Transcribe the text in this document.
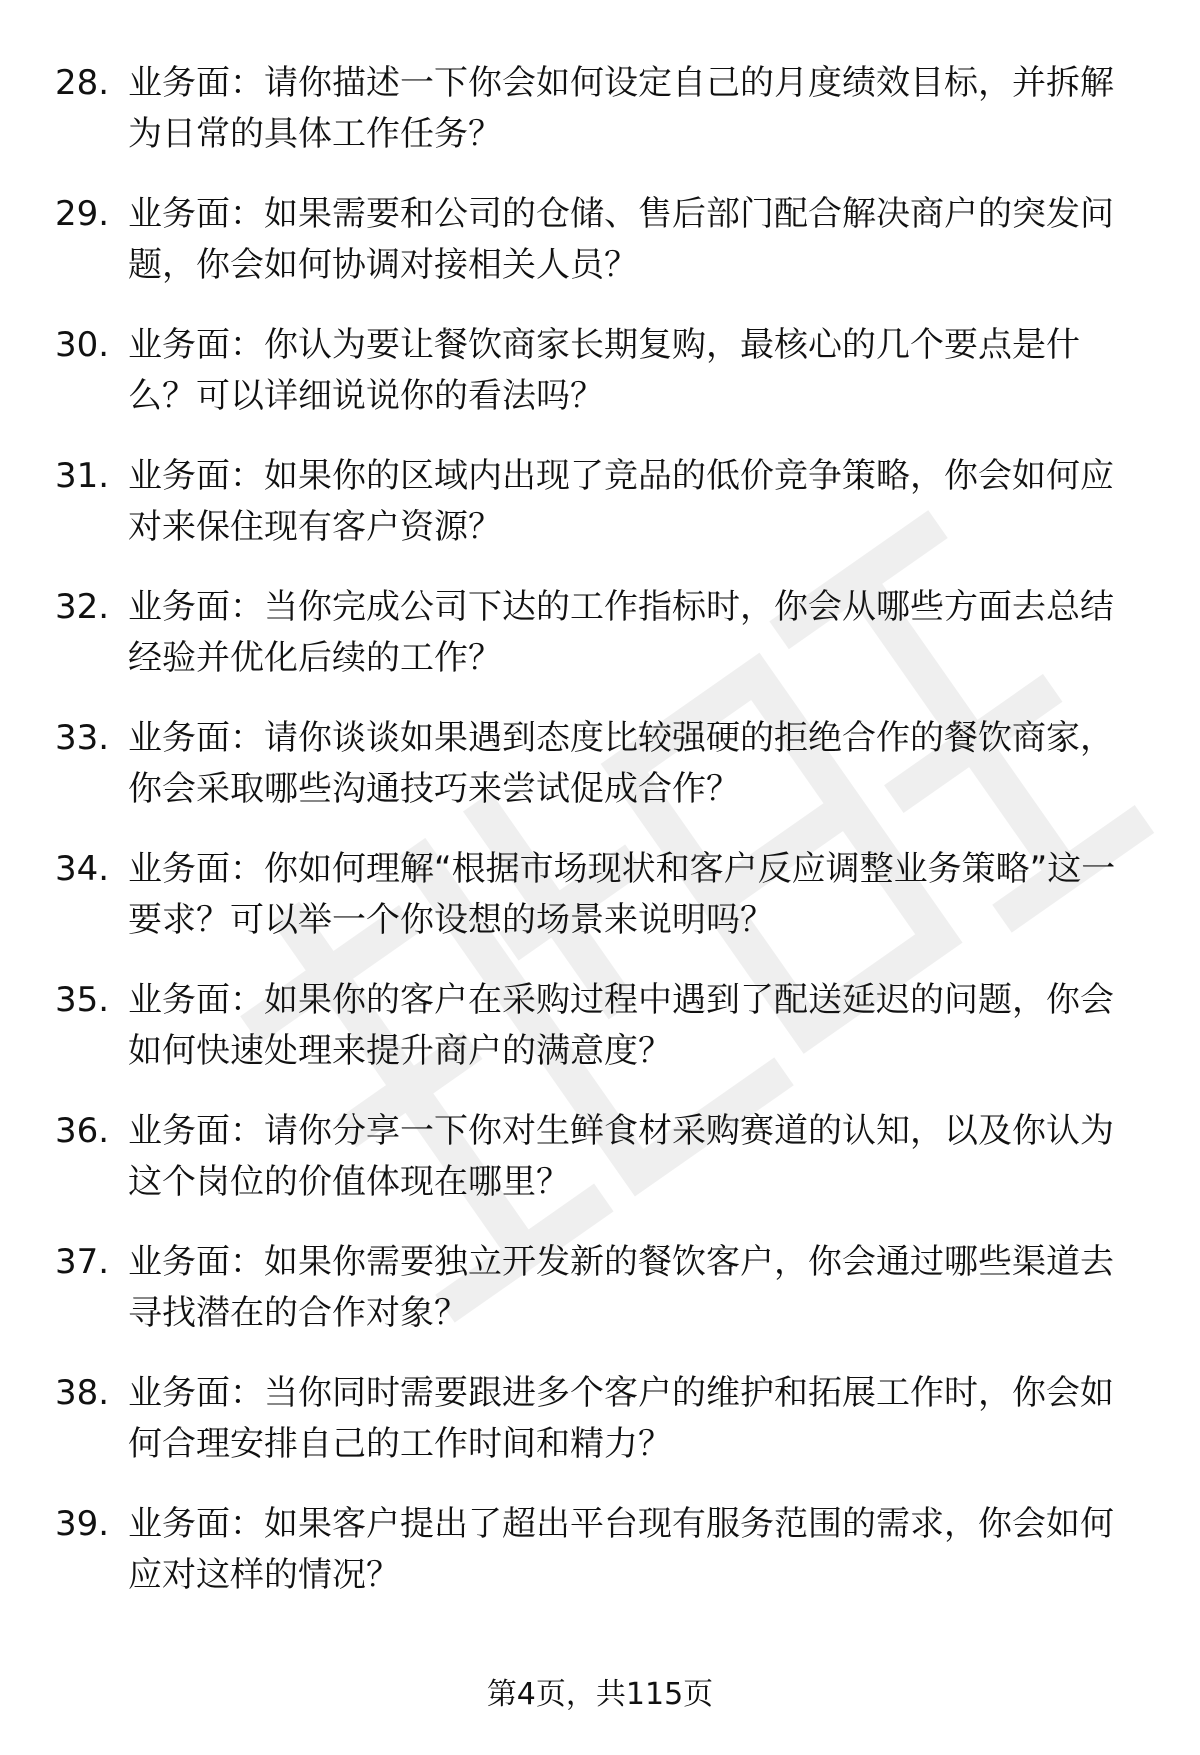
28. 业务面：请你描述一下你会如何设定自己的月度绩效目标，并拆解为日常的具体工作任务？
29. 业务面：如果需要和公司的仓储、售后部门配合解决商户的突发问题，你会如何协调对接相关人员？
30. 业务面：你认为要让餐饮商家长期复购，最核心的几个要点是什么？可以详细说说你的看法吗？
31. 业务面：如果你的区域内出现了竞品的低价竞争策略，你会如何应对来保住现有客户资源？
32. 业务面：当你完成公司下达的工作指标时，你会从哪些方面去总结经验并优化后续的工作？
33. 业务面：请你谈谈如果遇到态度比较强硬的拒绝合作的餐饮商家，你会采取哪些沟通技巧来尝试促成合作？
34. 业务面：你如何理解“根据市场现状和客户反应调整业务策略”这一要求？可以举一个你设想的场景来说明吗？
35. 业务面：如果你的客户在采购过程中遇到了配送延迟的问题，你会如何快速处理来提升商户的满意度？
36. 业务面：请你分享一下你对生鲜食材采购赛道的认知，以及你认为这个岗位的价值体现在哪里？
37. 业务面：如果你需要独立开发新的餐饮客户，你会通过哪些渠道去寻找潜在的合作对象？
38. 业务面：当你同时需要跟进多个客户的维护和拓展工作时，你会如何合理安排自己的工作时间和精力？
39. 业务面：如果客户提出了超出平台现有服务范围的需求，你会如何应对这样的情况？
第4页，共115页
